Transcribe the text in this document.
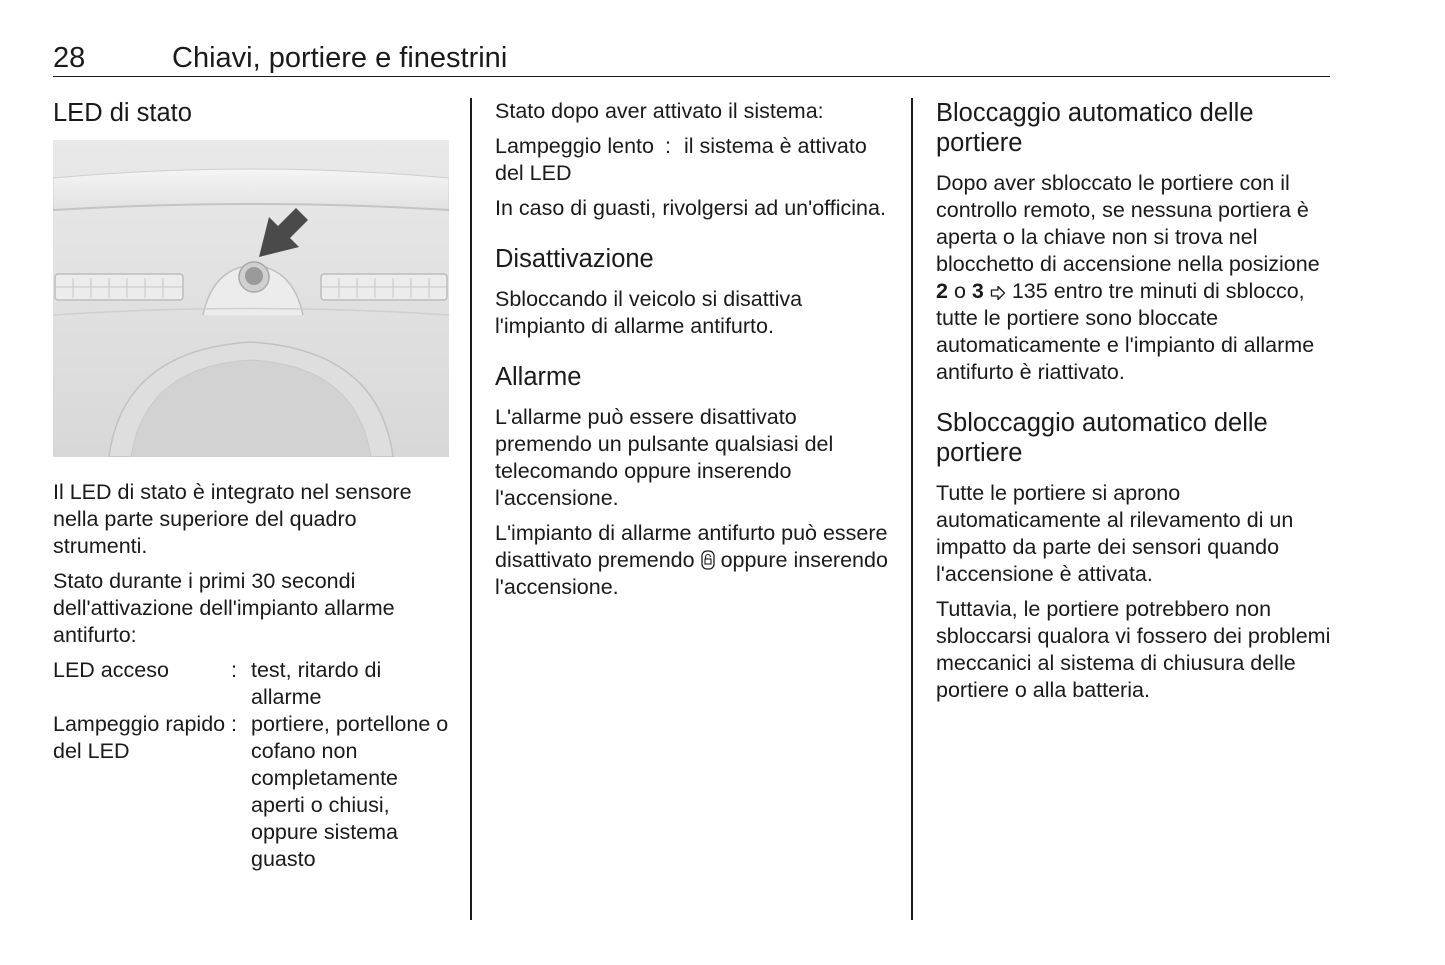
28	Chiavi, portiere e finestrini
LED di stato

Il LED di stato è integrato nel sensore nella parte superiore del quadro strumenti.

Stato durante i primi 30 secondi dell'attivazione dell'impianto allarme antifurto:

LED acceso	: test, ritardo di allarme
Lampeggio rapido del LED
: portiere, portellone o cofano non completamente aperti o chiusi, oppure sistema guasto

Stato dopo aver attivato il sistema:

Lampeggio lento del LED
: il sistema è attivato

In caso di guasti, rivolgersi ad un'officina.

Disattivazione

Sbloccando il veicolo si disattiva l'impianto di allarme antifurto.

Allarme

L'allarme può essere disattivato premendo un pulsante qualsiasi del telecomando oppure inserendo l'accensione.

L'impianto di allarme antifurto può essere disattivato premendo oppure inserendo l'accensione.

Bloccaggio automatico delle portiere

Dopo aver sbloccato le portiere con il controllo remoto, se nessuna portiera è aperta o la chiave non si trova nel blocchetto di accensione nella posizione 2 o 3 135 entro tre minuti di sblocco, tutte le portiere sono bloccate automaticamente e l'impianto di allarme antifurto è riattivato.

Sbloccaggio automatico delle portiere

Tutte le portiere si aprono automaticamente al rilevamento di un impatto da parte dei sensori quando l'accensione è attivata.

Tuttavia, le portiere potrebbero non sbloccarsi qualora vi fossero dei problemi meccanici al sistema di chiusura delle portiere o alla batteria.
